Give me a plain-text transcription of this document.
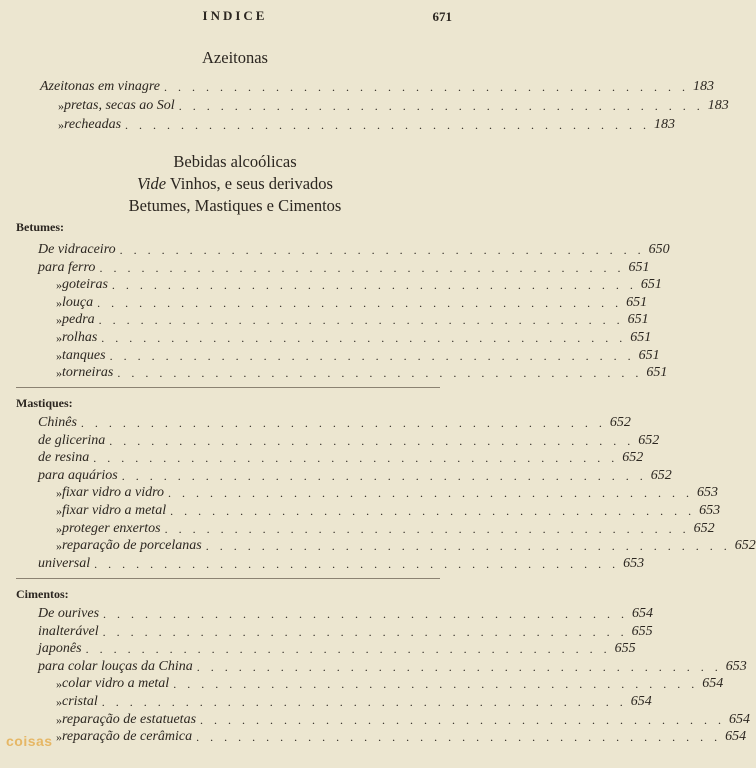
INDICE	671
Azeitonas
Azeitonas em vinagre . . . . . . . . . . . . . . . . . . . . . . . . . . . . . . . . . . . . . . 183
» pretas, secas ao Sol . . . . . . . . . . . . . . . . . . . . . . . . . . . . . . . . . . . . . . 183
» recheadas . . . . . . . . . . . . . . . . . . . . . . . . . . . . . . . . . . . . . . 183
Bebidas alcoólicas
Vide Vinhos, e seus derivados
Betumes, Mastiques e Cimentos
Betumes:
De vidraceiro . . . . . . . . . . . . . . . . . . . . . . . . . . . . . . . . . . . . . . 650
para ferro . . . . . . . . . . . . . . . . . . . . . . . . . . . . . . . . . . . . . . 651
» goteiras . . . . . . . . . . . . . . . . . . . . . . . . . . . . . . . . . . . . . . 651
» louça . . . . . . . . . . . . . . . . . . . . . . . . . . . . . . . . . . . . . . 651
» pedra . . . . . . . . . . . . . . . . . . . . . . . . . . . . . . . . . . . . . . 651
» rolhas . . . . . . . . . . . . . . . . . . . . . . . . . . . . . . . . . . . . . . 651
» tanques . . . . . . . . . . . . . . . . . . . . . . . . . . . . . . . . . . . . . . 651
» torneiras . . . . . . . . . . . . . . . . . . . . . . . . . . . . . . . . . . . . . . 651
Mastiques:
Chinês . . . . . . . . . . . . . . . . . . . . . . . . . . . . . . . . . . . . . . 652
de glicerina . . . . . . . . . . . . . . . . . . . . . . . . . . . . . . . . . . . . . . 652
de resina . . . . . . . . . . . . . . . . . . . . . . . . . . . . . . . . . . . . . . 652
para aquários . . . . . . . . . . . . . . . . . . . . . . . . . . . . . . . . . . . . . . 652
» fixar vidro a vidro . . . . . . . . . . . . . . . . . . . . . . . . . . . . . . . . . . . . . . 653
» fixar vidro a metal . . . . . . . . . . . . . . . . . . . . . . . . . . . . . . . . . . . . . . 653
» proteger enxertos . . . . . . . . . . . . . . . . . . . . . . . . . . . . . . . . . . . . . . 652
» reparação de porcelanas . . . . . . . . . . . . . . . . . . . . . . . . . . . . . . . . . . . . . . 652
universal . . . . . . . . . . . . . . . . . . . . . . . . . . . . . . . . . . . . . . 653
Cimentos:
De ourives . . . . . . . . . . . . . . . . . . . . . . . . . . . . . . . . . . . . . . 654
inalterável . . . . . . . . . . . . . . . . . . . . . . . . . . . . . . . . . . . . . . 655
japonês . . . . . . . . . . . . . . . . . . . . . . . . . . . . . . . . . . . . . . 655
para colar louças da China . . . . . . . . . . . . . . . . . . . . . . . . . . . . . . . . . . . . . . 653
» colar vidro a metal . . . . . . . . . . . . . . . . . . . . . . . . . . . . . . . . . . . . . . 654
» cristal . . . . . . . . . . . . . . . . . . . . . . . . . . . . . . . . . . . . . . 654
» reparação de estatuetas . . . . . . . . . . . . . . . . . . . . . . . . . . . . . . . . . . . . . . 654
» reparação de cerâmica . . . . . . . . . . . . . . . . . . . . . . . . . . . . . . . . . . . . . . 654
coisas
